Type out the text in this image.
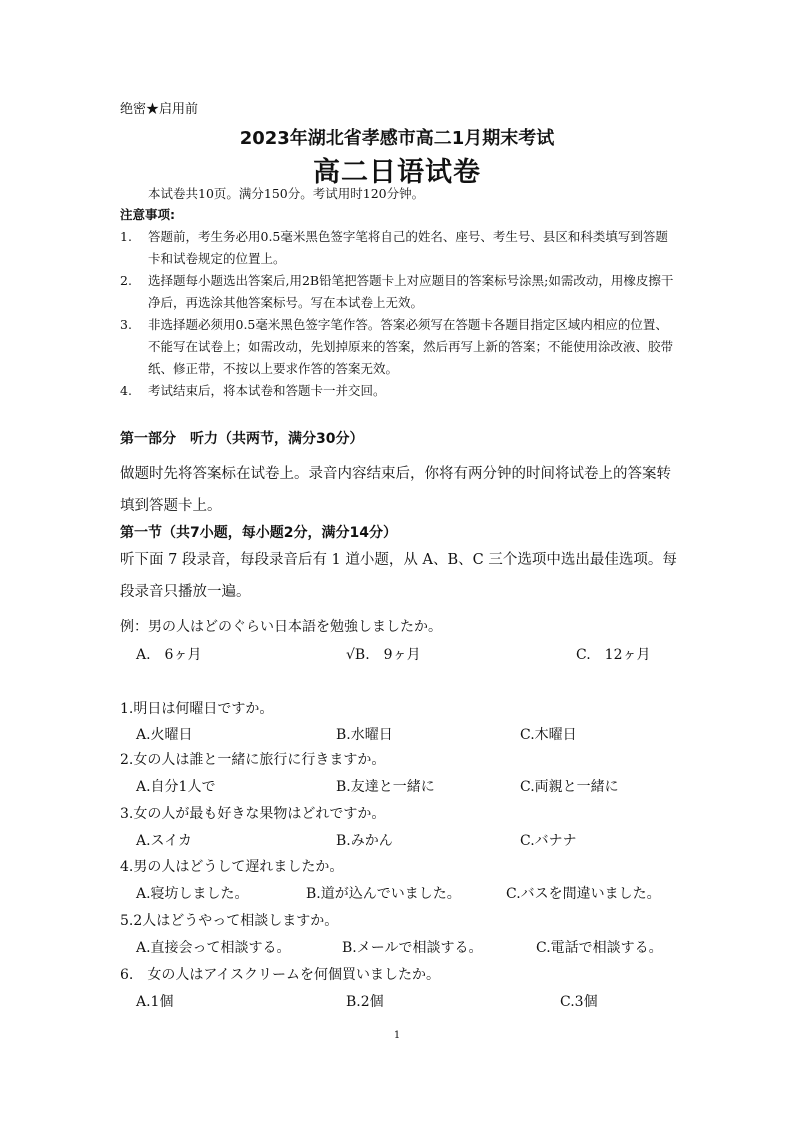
绝密★启用前
2023年湖北省孝感市高二1月期末考试
高二日语试卷
本试卷共10页。满分150分。考试用时120分钟。
注意事项:
1.	答题前，考生务必用0.5毫米黑色签字笔将自己的姓名、座号、考生号、县区和科类填写到答题卡和试卷规定的位置上。
2.	选择题每小题选出答案后,用2B铅笔把答题卡上对应题目的答案标号涂黑;如需改动，用橡皮擦干净后，再选涂其他答案标号。写在本试卷上无效。
3.	非选择题必须用0.5毫米黑色签字笔作答。答案必须写在答题卡各题目指定区域内相应的位置、不能写在试卷上；如需改动，先划掉原来的答案，然后再写上新的答案；不能使用涂改液、胶带纸、修正带，不按以上要求作答的答案无效。
4.	考试结束后，将本试卷和答题卡一并交回。
第一部分　听力（共两节，满分30分）
做题时先将答案标在试卷上。录音内容结束后，你将有两分钟的时间将试卷上的答案转填到答题卡上。
第一节（共7小题，每小题2分，满分14分）
听下面 7 段录音，每段录音后有 1 道小题，从 A、B、C 三个选项中选出最佳选项。每段录音只播放一遍。
例：男の人はどのぐらい日本語を勉強しましたか。
A.　6ヶ月	√B.　9ヶ月	C.　12ヶ月
1.明日は何曜日ですか。
A.火曜日	B.水曜日	C.木曜日
2.女の人は誰と一緒に旅行に行きますか。
A.自分1人で	B.友達と一緒に	C.両親と一緒に
3.女の人が最も好きな果物はどれですか。
A.スイカ	B.みかん	C.バナナ
4.男の人はどうして遅れましたか。
A.寝坊しました。	B.道が込んでいました。	C.バスを間違いました。
5.2人はどうやって相談しますか。
A.直接会って相談する。	B.メールで相談する。	C.電話で相談する。
6.　女の人はアイスクリームを何個買いましたか。
A.1個	B.2個	C.3個
1
